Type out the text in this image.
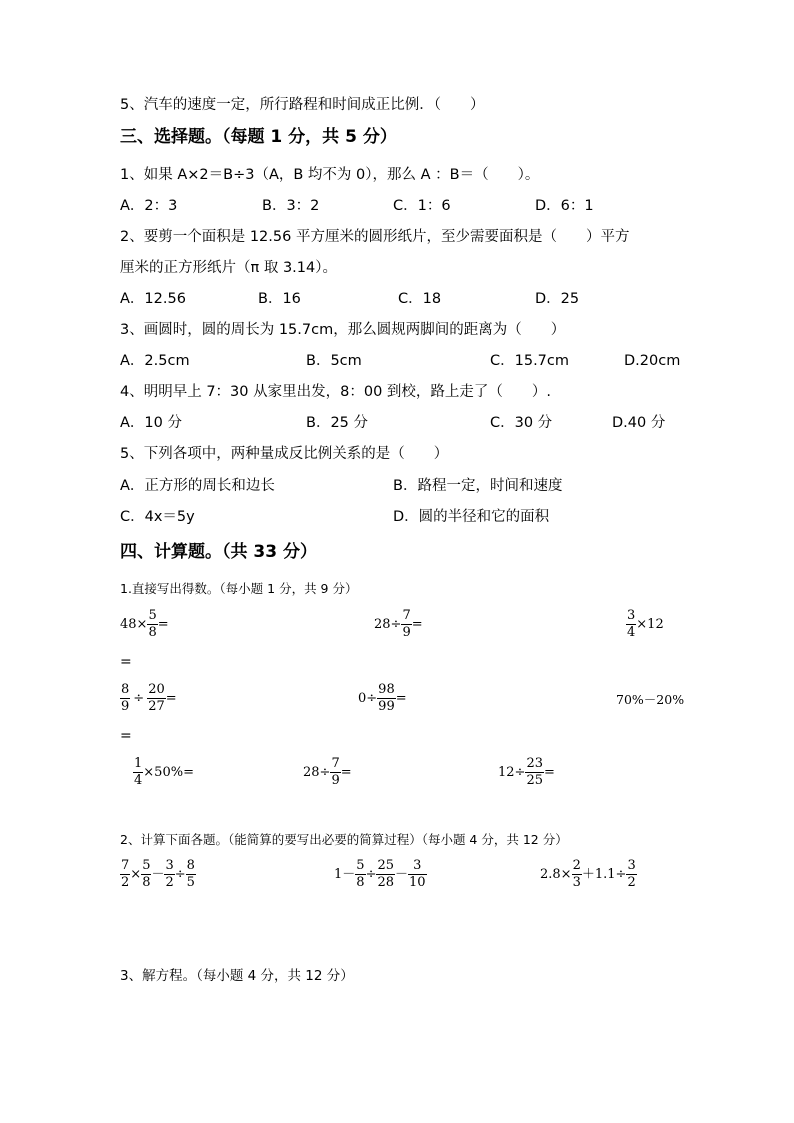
5、汽车的速度一定，所行路程和时间成正比例．（　　）
三、选择题。（每题 1 分，共 5 分）
1、如果 A×2＝B÷3（A，B 均不为 0），那么 A ：B＝（　　）。
A．2：3	B．3：2	C．1：6	D．6：1
2、要剪一个面积是 12.56 平方厘米的圆形纸片，至少需要面积是（　　）平方
厘米的正方形纸片（π 取 3.14）。
A．12.56	B．16	C．18	D．25
3、画圆时，圆的周长为 15.7cm，那么圆规两脚间的距离为（　　）
A．2.5cm	B．5cm	C．15.7cm	D.20cm
4、明明早上 7：30 从家里出发，8：00 到校，路上走了（　　）.
A．10 分	B．25 分	C．30 分	D.40 分
5、下列各项中，两种量成反比例关系的是（　　）
A．正方形的周长和边长	B．路程一定，时间和速度
C．4x＝5y	D．圆的半径和它的面积
四、计算题。（共 33 分）
1.直接写出得数。（每小题 1 分，共 9 分）
$48\times \frac{5}{8}$ =	$28\div \frac{7}{9}$ =	$\frac{3}{4} \times 12$
=
$\frac{8}{9} \div \frac{20}{27}$ =	$0\div \frac{98}{99}$ =	70%－20%
=
$\frac{1}{4} \times 50\%=$	$28\div \frac{7}{9}$ =	$12\div \frac{23}{25}$ =
2、计算下面各题。（能简算的要写出必要的简算过程）（每小题 4 分，共 12 分）
$\frac{7}{2} \times \frac{5}{8} - \frac{3}{2} \div \frac{8}{5}$	$1- \frac{5}{8} \div \frac{25}{28} - \frac{3}{10}$	$2.8\times \frac{2}{3} +1.1\div \frac{3}{2}$
3、解方程。（每小题 4 分，共 12 分）
